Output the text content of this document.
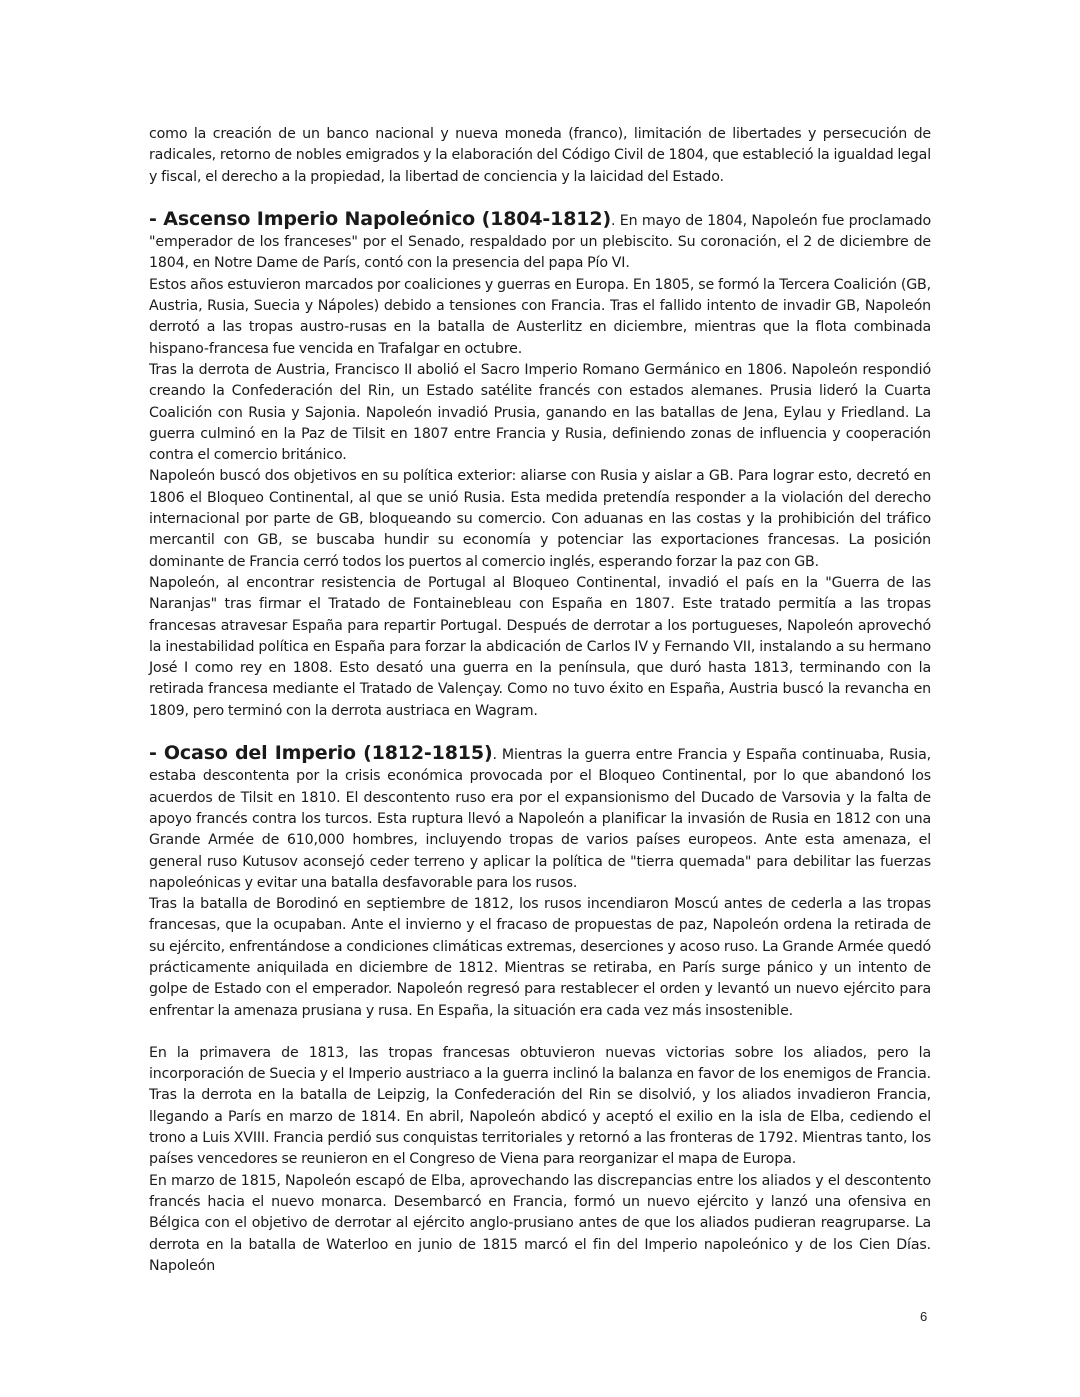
como la creación de un banco nacional y nueva moneda (franco), limitación de libertades y persecución de radicales, retorno de nobles emigrados y la elaboración del Código Civil de 1804, que estableció la igualdad legal y fiscal, el derecho a la propiedad, la libertad de conciencia y la laicidad del Estado.

- Ascenso Imperio Napoleónico (1804-1812). En mayo de 1804, Napoleón fue proclamado "emperador de los franceses" por el Senado, respaldado por un plebiscito. Su coronación, el 2 de diciembre de 1804, en Notre Dame de París, contó con la presencia del papa Pío VI.

Estos años estuvieron marcados por coaliciones y guerras en Europa. En 1805, se formó la Tercera Coalición (GB, Austria, Rusia, Suecia y Nápoles) debido a tensiones con Francia. Tras el fallido intento de invadir GB, Napoleón derrotó a las tropas austro-rusas en la batalla de Austerlitz en diciembre, mientras que la flota combinada hispano-francesa fue vencida en Trafalgar en octubre.

Tras la derrota de Austria, Francisco II abolió el Sacro Imperio Romano Germánico en 1806. Napoleón respondió creando la Confederación del Rin, un Estado satélite francés con estados alemanes. Prusia lideró la Cuarta Coalición con Rusia y Sajonia. Napoleón invadió Prusia, ganando en las batallas de Jena, Eylau y Friedland. La guerra culminó en la Paz de Tilsit en 1807 entre Francia y Rusia, definiendo zonas de influencia y cooperación contra el comercio británico.

Napoleón buscó dos objetivos en su política exterior: aliarse con Rusia y aislar a GB. Para lograr esto, decretó en 1806 el Bloqueo Continental, al que se unió Rusia. Esta medida pretendía responder a la violación del derecho internacional por parte de GB, bloqueando su comercio. Con aduanas en las costas y la prohibición del tráfico mercantil con GB, se buscaba hundir su economía y potenciar las exportaciones francesas. La posición dominante de Francia cerró todos los puertos al comercio inglés, esperando forzar la paz con GB.

Napoleón, al encontrar resistencia de Portugal al Bloqueo Continental, invadió el país en la "Guerra de las Naranjas" tras firmar el Tratado de Fontainebleau con España en 1807. Este tratado permitía a las tropas francesas atravesar España para repartir Portugal. Después de derrotar a los portugueses, Napoleón aprovechó la inestabilidad política en España para forzar la abdicación de Carlos IV y Fernando VII, instalando a su hermano José I como rey en 1808. Esto desató una guerra en la península, que duró hasta 1813, terminando con la retirada francesa mediante el Tratado de Valençay. Como no tuvo éxito en España, Austria buscó la revancha en 1809, pero terminó con la derrota austriaca en Wagram.

- Ocaso del Imperio (1812-1815). Mientras la guerra entre Francia y España continuaba, Rusia, estaba descontenta por la crisis económica provocada por el Bloqueo Continental, por lo que abandonó los acuerdos de Tilsit en 1810. El descontento ruso era por el expansionismo del Ducado de Varsovia y la falta de apoyo francés contra los turcos. Esta ruptura llevó a Napoleón a planificar la invasión de Rusia en 1812 con una Grande Armée de 610,000 hombres, incluyendo tropas de varios países europeos. Ante esta amenaza, el general ruso Kutusov aconsejó ceder terreno y aplicar la política de "tierra quemada" para debilitar las fuerzas napoleónicas y evitar una batalla desfavorable para los rusos.

Tras la batalla de Borodinó en septiembre de 1812, los rusos incendiaron Moscú antes de cederla a las tropas francesas, que la ocupaban. Ante el invierno y el fracaso de propuestas de paz, Napoleón ordena la retirada de su ejército, enfrentándose a condiciones climáticas extremas, deserciones y acoso ruso. La Grande Armée quedó prácticamente aniquilada en diciembre de 1812. Mientras se retiraba, en París surge pánico y un intento de golpe de Estado con el emperador. Napoleón regresó para restablecer el orden y levantó un nuevo ejército para enfrentar la amenaza prusiana y rusa. En España, la situación era cada vez más insostenible.

En la primavera de 1813, las tropas francesas obtuvieron nuevas victorias sobre los aliados, pero la incorporación de Suecia y el Imperio austriaco a la guerra inclinó la balanza en favor de los enemigos de Francia. Tras la derrota en la batalla de Leipzig, la Confederación del Rin se disolvió, y los aliados invadieron Francia, llegando a París en marzo de 1814. En abril, Napoleón abdicó y aceptó el exilio en la isla de Elba, cediendo el trono a Luis XVIII. Francia perdió sus conquistas territoriales y retornó a las fronteras de 1792. Mientras tanto, los países vencedores se reunieron en el Congreso de Viena para reorganizar el mapa de Europa.

En marzo de 1815, Napoleón escapó de Elba, aprovechando las discrepancias entre los aliados y el descontento francés hacia el nuevo monarca. Desembarcó en Francia, formó un nuevo ejército y lanzó una ofensiva en Bélgica con el objetivo de derrotar al ejército anglo-prusiano antes de que los aliados pudieran reagruparse. La derrota en la batalla de Waterloo en junio de 1815 marcó el fin del Imperio napoleónico y de los Cien Días. Napoleón

6
